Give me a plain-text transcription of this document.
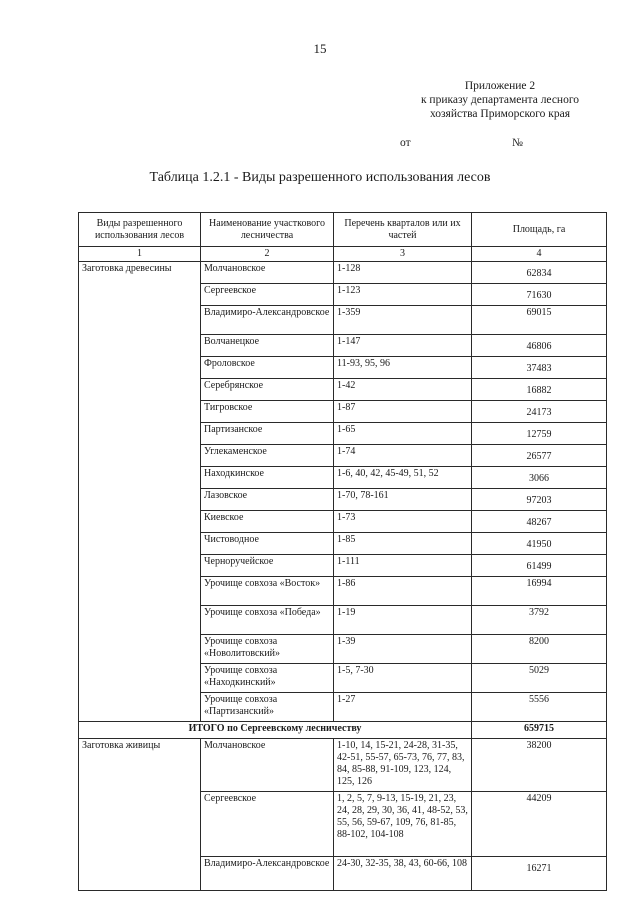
15
Приложение 2
к приказу департамента лесного
хозяйства Приморского края
от	№
Таблица 1.2.1 - Виды разрешенного использования лесов
Виды разрешенного использования лесов	Наименование участкового лесничества	Перечень кварталов или их частей	Площадь, га
1	2	3	4
Заготовка древесины	Молчановское	1-128	62834
	Сергеевское	1-123	71630
	Владимиро-Александровское	1-359	69015
	Волчанецкое	1-147	46806
	Фроловское	11-93, 95, 96	37483
	Серебрянское	1-42	16882
	Тигровское	1-87	24173
	Партизанское	1-65	12759
	Углекаменское	1-74	26577
	Находкинское	1-6, 40, 42, 45-49, 51, 52	3066
	Лазовское	1-70, 78-161	97203
	Киевское	1-73	48267
	Чистоводное	1-85	41950
	Черноручейское	1-111	61499
	Урочище совхоза «Восток»	1-86	16994
	Урочище совхоза «Победа»	1-19	3792
	Урочище совхоза «Новолитовский»	1-39	8200
	Урочище совхоза «Находкинский»	1-5, 7-30	5029
	Урочище совхоза «Партизанский»	1-27	5556
ИТОГО по Сергеевскому лесничеству			659715
Заготовка живицы	Молчановское	1-10, 14, 15-21, 24-28, 31-35, 42-51, 55-57, 65-73, 76, 77, 83, 84, 85-88, 91-109, 123, 124, 125, 126	38200
	Сергеевское	1, 2, 5, 7, 9-13, 15-19, 21, 23, 24, 28, 29, 30, 36, 41, 48-52, 53, 55, 56, 59-67, 109, 76, 81-85, 88-102, 104-108	44209
	Владимиро-Александровское	24-30, 32-35, 38, 43, 60-66, 108	16271
